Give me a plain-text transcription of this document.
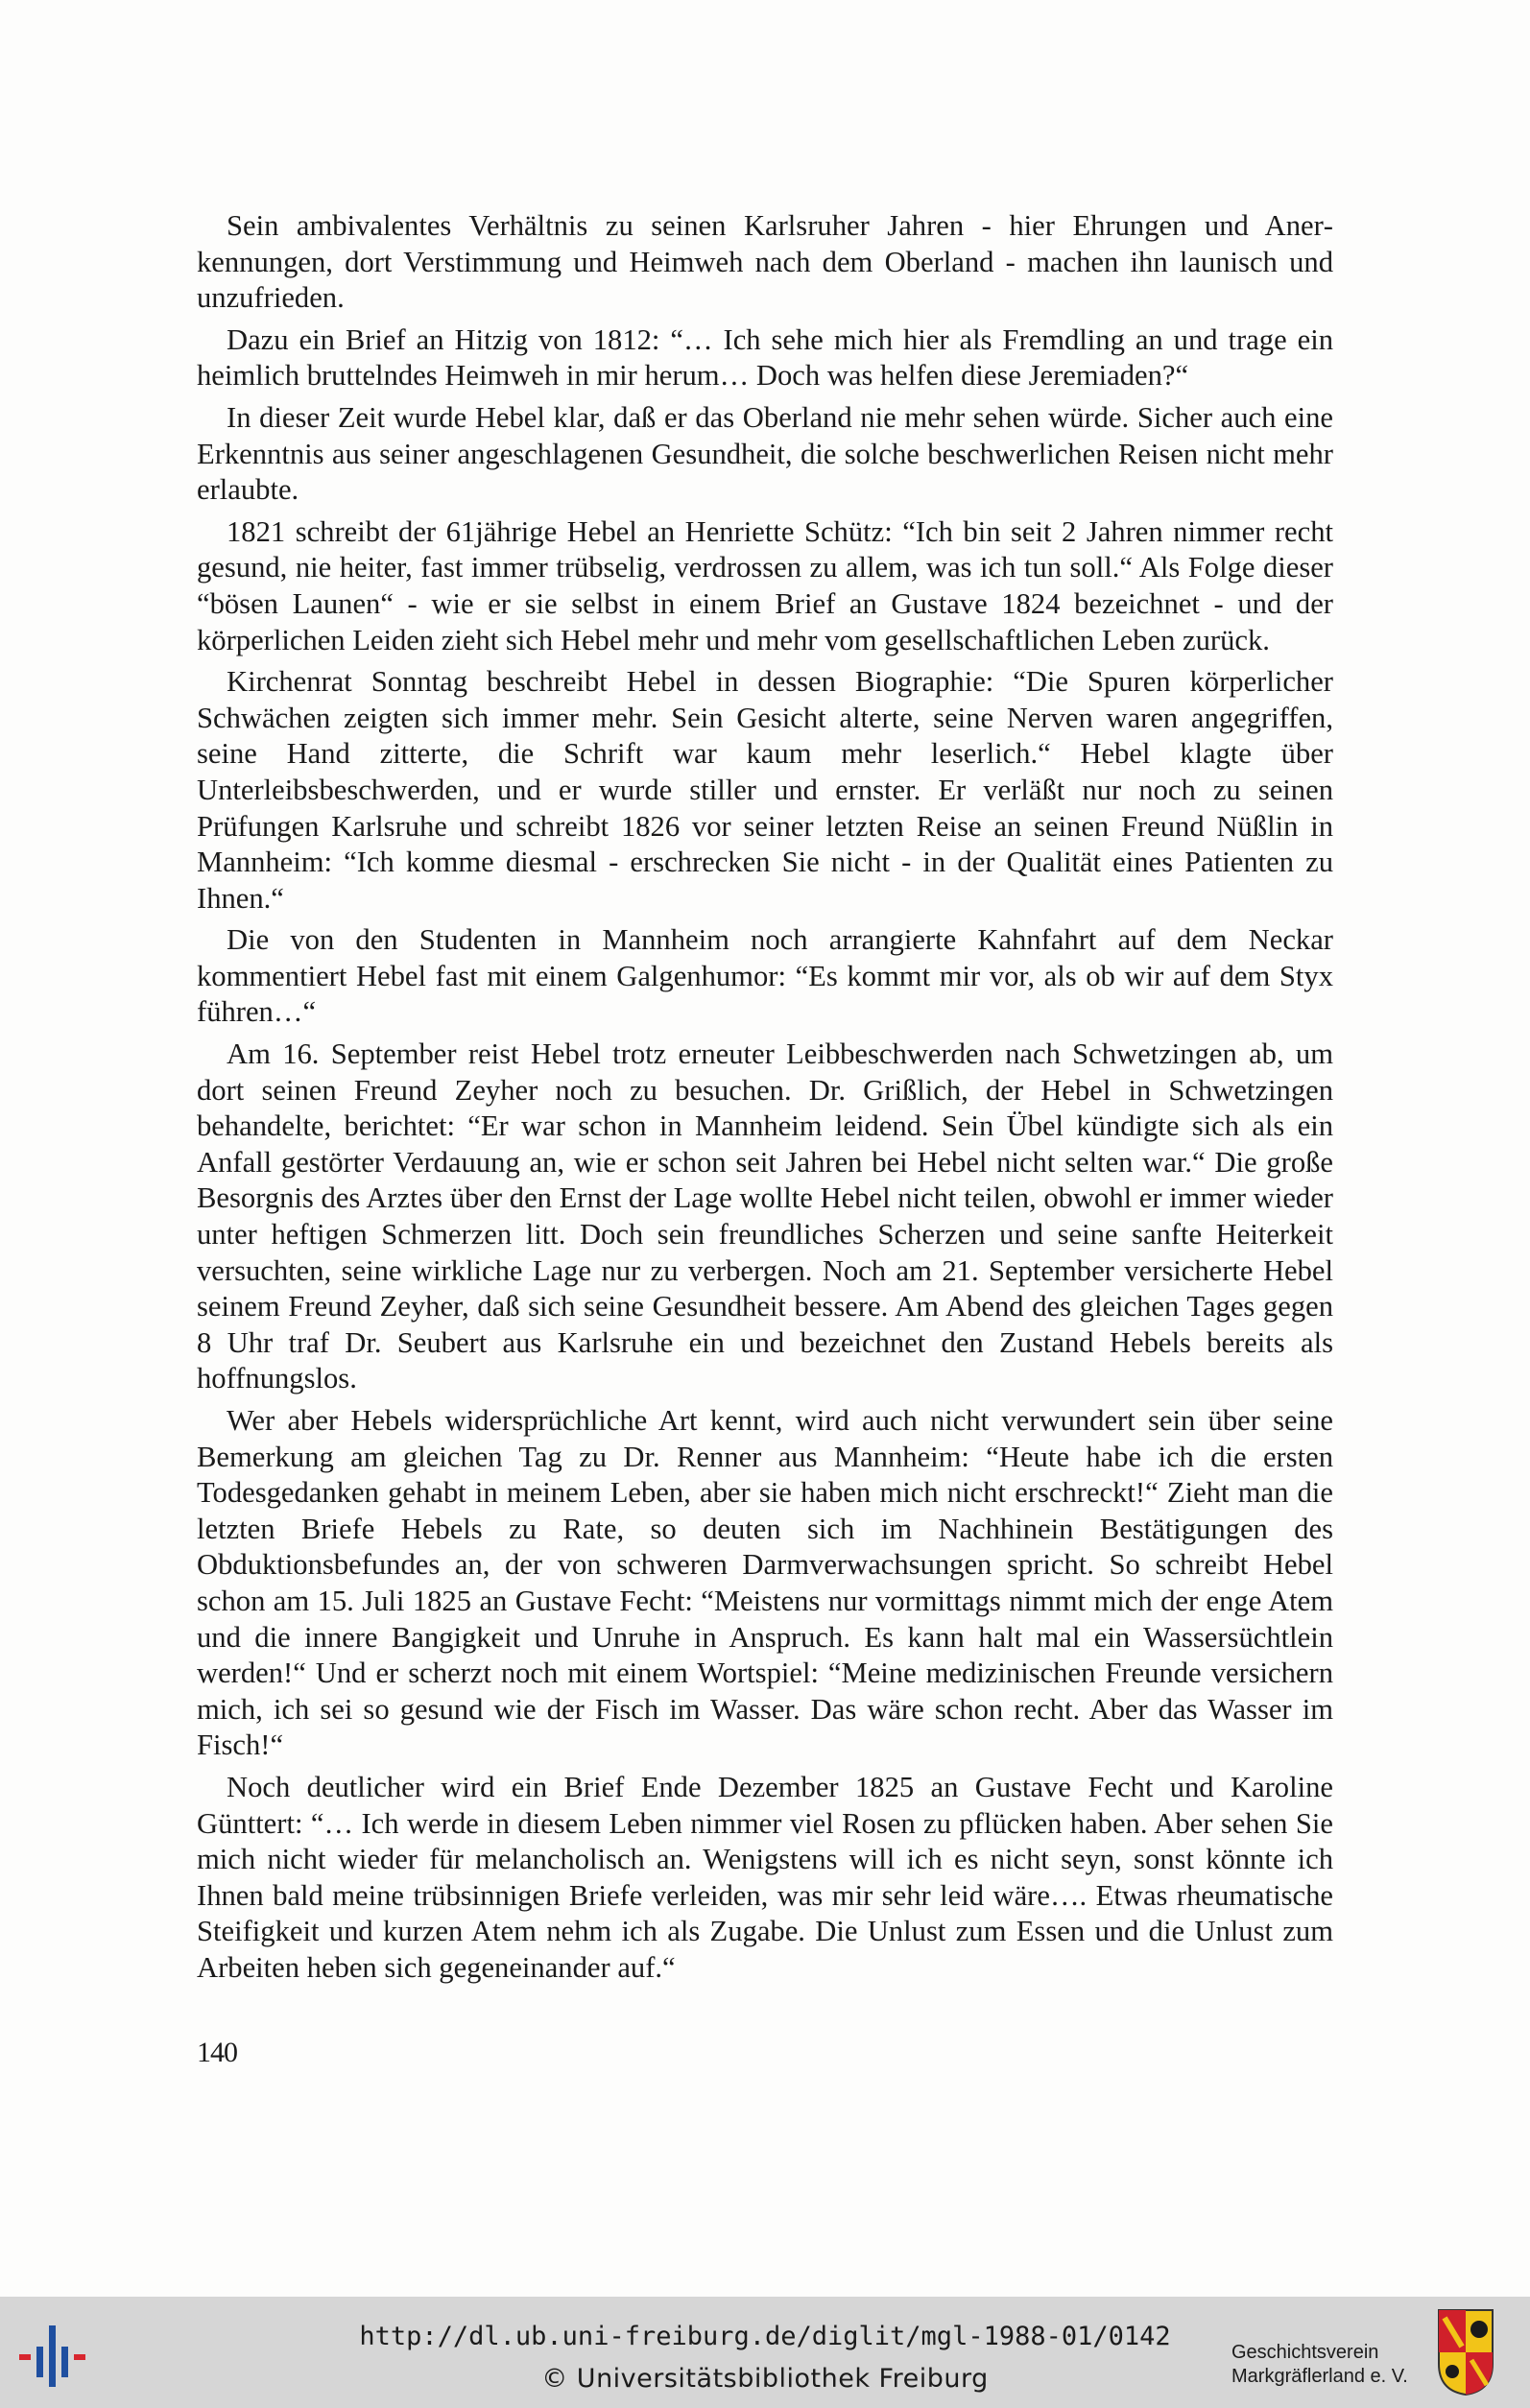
Sein ambivalentes Verhältnis zu seinen Karlsruher Jahren - hier Ehrungen und Anerkennungen, dort Verstimmung und Heimweh nach dem Oberland - machen ihn launisch und unzufrieden.

Dazu ein Brief an Hitzig von 1812: “… Ich sehe mich hier als Fremdling an und trage ein heimlich bruttelndes Heimweh in mir herum… Doch was helfen diese Jeremiaden?“

In dieser Zeit wurde Hebel klar, daß er das Oberland nie mehr sehen würde. Sicher auch eine Erkenntnis aus seiner angeschlagenen Gesundheit, die solche beschwerlichen Reisen nicht mehr erlaubte.

1821 schreibt der 61jährige Hebel an Henriette Schütz: “Ich bin seit 2 Jahren nimmer recht gesund, nie heiter, fast immer trübselig, verdrossen zu allem, was ich tun soll.“ Als Folge dieser “bösen Launen“ - wie er sie selbst in einem Brief an Gustave 1824 bezeichnet - und der körperlichen Leiden zieht sich Hebel mehr und mehr vom gesellschaftlichen Leben zurück.

Kirchenrat Sonntag beschreibt Hebel in dessen Biographie: “Die Spuren körperlicher Schwächen zeigten sich immer mehr. Sein Gesicht alterte, seine Nerven waren angegriffen, seine Hand zitterte, die Schrift war kaum mehr leserlich.“ Hebel klagte über Unterleibsbeschwerden, und er wurde stiller und ernster. Er verläßt nur noch zu seinen Prüfungen Karlsruhe und schreibt 1826 vor seiner letzten Reise an seinen Freund Nüßlin in Mannheim: “Ich komme diesmal - erschrecken Sie nicht - in der Qualität eines Patienten zu Ihnen.“

Die von den Studenten in Mannheim noch arrangierte Kahnfahrt auf dem Neckar kommentiert Hebel fast mit einem Galgenhumor: “Es kommt mir vor, als ob wir auf dem Styx führen…“

Am 16. September reist Hebel trotz erneuter Leibbeschwerden nach Schwetzingen ab, um dort seinen Freund Zeyher noch zu besuchen. Dr. Grißlich, der Hebel in Schwetzingen behandelte, berichtet: “Er war schon in Mannheim leidend. Sein Übel kündigte sich als ein Anfall gestörter Verdauung an, wie er schon seit Jahren bei Hebel nicht selten war.“ Die große Besorgnis des Arztes über den Ernst der Lage wollte Hebel nicht teilen, obwohl er immer wieder unter heftigen Schmerzen litt. Doch sein freundliches Scherzen und seine sanfte Heiterkeit versuchten, seine wirkliche Lage nur zu verbergen. Noch am 21. September versicherte Hebel seinem Freund Zeyher, daß sich seine Gesundheit bessere. Am Abend des gleichen Tages gegen 8 Uhr traf Dr. Seubert aus Karlsruhe ein und bezeichnet den Zustand Hebels bereits als hoffnungslos.

Wer aber Hebels widersprüchliche Art kennt, wird auch nicht verwundert sein über seine Bemerkung am gleichen Tag zu Dr. Renner aus Mannheim: “Heute habe ich die ersten Todesgedanken gehabt in meinem Leben, aber sie haben mich nicht erschreckt!“ Zieht man die letzten Briefe Hebels zu Rate, so deuten sich im Nachhinein Bestätigungen des Obduktionsbefundes an, der von schweren Darmverwachsungen spricht. So schreibt Hebel schon am 15. Juli 1825 an Gustave Fecht: “Meistens nur vormittags nimmt mich der enge Atem und die innere Bangigkeit und Unruhe in Anspruch. Es kann halt mal ein Wassersüchtlein werden!“ Und er scherzt noch mit einem Wortspiel: “Meine medizinischen Freunde versichern mich, ich sei so gesund wie der Fisch im Wasser. Das wäre schon recht. Aber das Wasser im Fisch!“

Noch deutlicher wird ein Brief Ende Dezember 1825 an Gustave Fecht und Karoline Günttert: “… Ich werde in diesem Leben nimmer viel Rosen zu pflücken haben. Aber sehen Sie mich nicht wieder für melancholisch an. Wenigstens will ich es nicht seyn, sonst könnte ich Ihnen bald meine trübsinnigen Briefe verleiden, was mir sehr leid wäre…. Etwas rheumatische Steifigkeit und kurzen Atem nehm ich als Zugabe. Die Unlust zum Essen und die Unlust zum Arbeiten heben sich gegeneinander auf.“

140
http://dl.ub.uni-freiburg.de/diglit/mgl-1988-01/0142
© Universitätsbibliothek Freiburg
Geschichtsverein
Markgräflerland e. V.
